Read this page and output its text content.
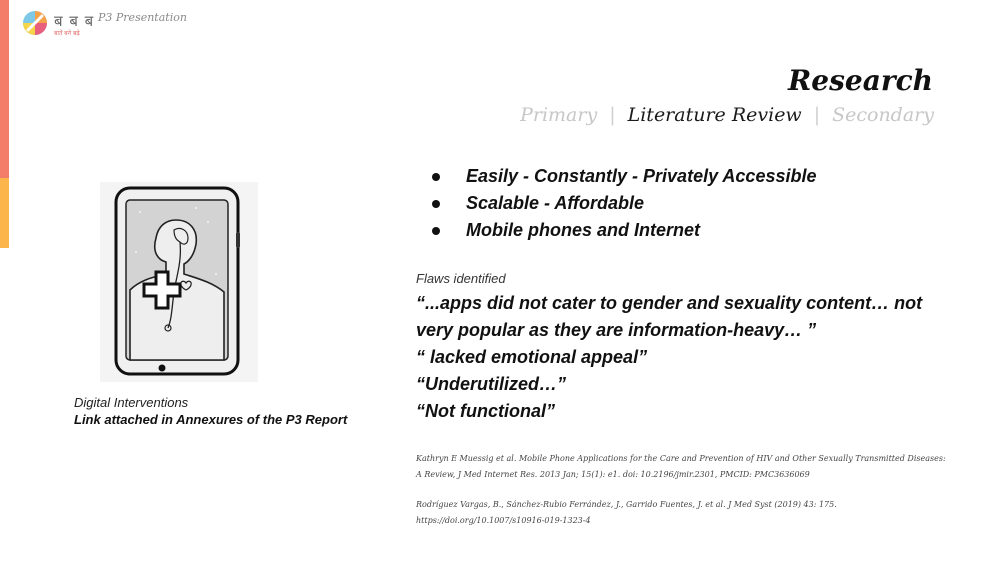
ब ब ब
बातें बने बढ़े
P3 Presentation
Research
Primary | Literature Review | Secondary
Digital Interventions
Link attached in Annexures of the P3 Report
Easily - Constantly - Privately Accessible
Scalable - Affordable
Mobile phones and Internet
Flaws identified
“...apps did not cater to gender and sexuality content… not very popular as they are information-heavy… ”
“ lacked emotional appeal”
“Underutilized…”
“Not functional”
Kathryn E Muessig et al. Mobile Phone Applications for the Care and Prevention of HIV and Other Sexually Transmitted Diseases: A Review, J Med Internet Res. 2013 Jan; 15(1): e1. doi: 10.2196/jmir.2301, PMCID: PMC3636069
Rodríguez Vargas, B., Sánchez-Rubio Ferrández, J., Garrido Fuentes, J. et al. J Med Syst (2019) 43: 175. https://doi.org/10.1007/s10916-019-1323-4
